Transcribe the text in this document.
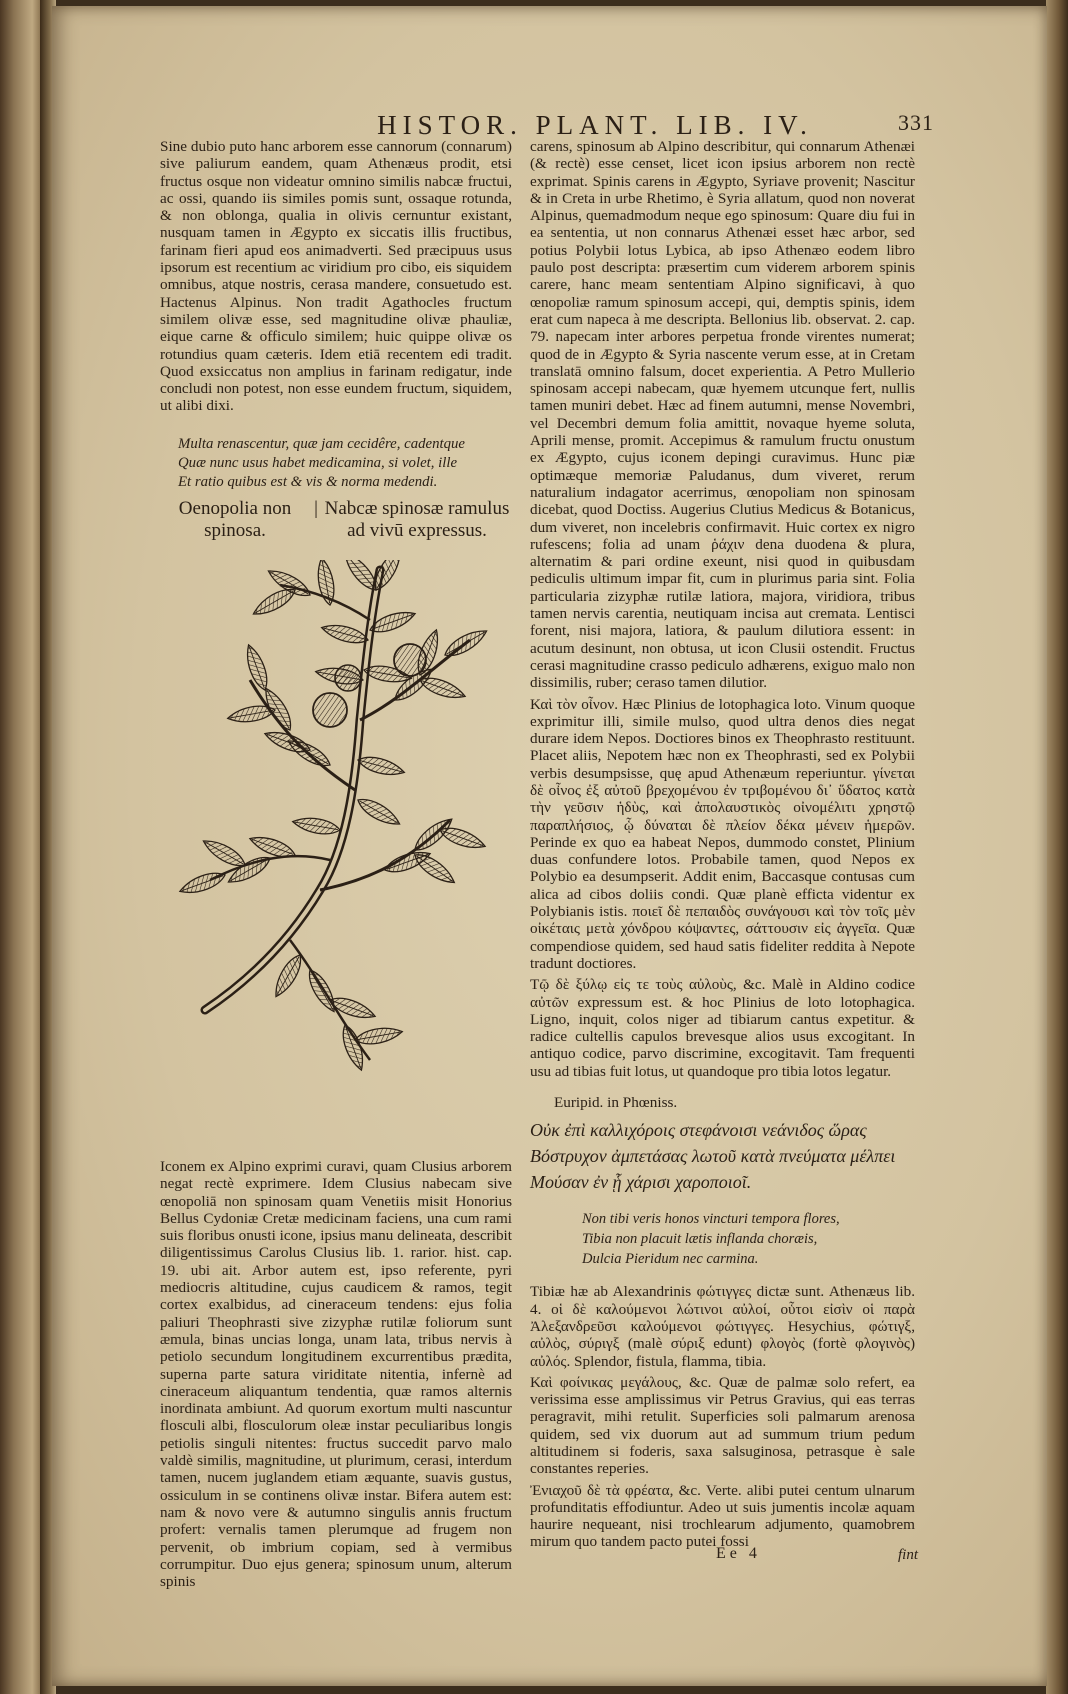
HISTOR. PLANT. LIB. IV.	331

Sine dubio puto hanc arborem esse cannorum (connarum) sive paliurum eandem, quam Athenæus prodit, etsi fructus osque non videatur omnino similis nabcæ fructui, ac ossi, quando iis similes pomis sunt, ossaque rotunda, & non oblonga, qualia in olivis cernuntur existant, nusquam tamen in Ægypto ex siccatis illis fructibus, farinam fieri apud eos animadverti. Sed præcipuus usus ipsorum est recentium ac viridium pro cibo, eis siquidem omnibus, atque nostris, cerasa mandere, consuetudo est. Hactenus Alpinus. Non tradit Agathocles fructum similem olivæ esse, sed magnitudine olivæ phauliæ, eique carne & officulo similem; huic quippe olivæ os rotundius quam cæteris. Idem etiā recentem edi tradit. Quod exsiccatus non amplius in farinam redigatur, inde concludi non potest, non esse eundem fructum, siquidem, ut alibi dixi.

Multa renascentur, quæ jam cecidêre, cadentque
Quæ nunc usus habet medicamina, si volet, ille
Et ratio quibus est & vis & norma medendi.
Oenopolia non spinosa.
| Nabcæ spinosæ ramulus ad vivū expressus.

Iconem ex Alpino exprimi curavi, quam Clusius arborem negat rectè exprimere. Idem Clusius nabecam sive œnopoliā non spinosam quam Venetiis misit Honorius Bellus Cydoniæ Cretæ medicinam faciens, una cum rami suis floribus onusti icone, ipsius manu delineata, describit diligentissimus Carolus Clusius lib. 1. rarior. hist. cap. 19. ubi ait. Arbor autem est, ipso referente, pyri mediocris altitudine, cujus caudicem & ramos, tegit cortex exalbidus, ad cineraceum tendens: ejus folia paliuri Theophrasti sive zizyphæ rutilæ foliorum sunt æmula, binas uncias longa, unam lata, tribus nervis à petiolo secundum longitudinem excurrentibus prædita, superna parte satura viriditate nitentia, infernè ad cineraceum aliquantum tendentia, quæ ramos alternis inordinata ambiunt. Ad quorum exortum multi nascuntur flosculi albi, flosculorum oleæ instar peculiaribus longis petiolis singuli nitentes: fructus succedit parvo malo valdè similis, magnitudine, ut plurimum, cerasi, interdum tamen, nucem juglandem etiam æquante, suavis gustus, ossiculum in se continens olivæ instar. Bifera autem est: nam & novo vere & autumno singulis annis fructum profert: vernalis tamen plerumque ad frugem non pervenit, ob imbrium copiam, sed à vermibus corrumpitur. Duo ejus genera; spinosum unum, alterum spinis

carens, spinosum ab Alpino describitur, qui connarum Athenæi (& rectè) esse censet, licet icon ipsius arborem non rectè exprimat. Spinis carens in Ægypto, Syriave provenit; Nascitur & in Creta in urbe Rhetimo, è Syria allatum, quod non noverat Alpinus, quemadmodum neque ego spinosum: Quare diu fui in ea sententia, ut non connarus Athenæi esset hæc arbor, sed potius Polybii lotus Lybica, ab ipso Athenæo eodem libro paulo post descripta: præsertim cum viderem arborem spinis carere, hanc meam sententiam Alpino significavi, à quo œnopoliæ ramum spinosum accepi, qui, demptis spinis, idem erat cum napeca à me descripta. Bellonius lib. observat. 2. cap. 79. napecam inter arbores perpetua fronde virentes numerat; quod de in Ægypto & Syria nascente verum esse, at in Cretam translatā omnino falsum, docet experientia. A Petro Mullerio spinosam accepi nabecam, quæ hyemem utcunque fert, nullis tamen muniri debet. Hæc ad finem autumni, mense Novembri, vel Decembri demum folia amittit, novaque hyeme soluta, Aprili mense, promit. Accepimus & ramulum fructu onustum ex Ægypto, cujus iconem depingi curavimus. Hunc piæ optimæque memoriæ Paludanus, dum viveret, rerum naturalium indagator acerrimus, œnopoliam non spinosam dicebat, quod Doctiss. Augerius Clutius Medicus & Botanicus, dum viveret, non incelebris confirmavit. Huic cortex ex nigro rufescens; folia ad unam ῥάχιν dena duodena & plura, alternatim & pari ordine exeunt, nisi quod in quibusdam pediculis ultimum impar fit, cum in plurimus paria sint. Folia particularia zizyphæ rutilæ latiora, majora, viridiora, tribus tamen nervis carentia, neutiquam incisa aut cremata. Lentisci forent, nisi majora, latiora, & paulum dilutiora essent: in acutum desinunt, non obtusa, ut icon Clusii ostendit. Fructus cerasi magnitudine crasso pediculo adhærens, exiguo malo non dissimilis, ruber; ceraso tamen dilutior.

Καὶ τὸν οἶνον. Hæc Plinius de lotophagica loto. Vinum quoque exprimitur illi, simile mulso, quod ultra denos dies negat durare idem Nepos. Doctiores binos ex Theophrasto restituunt. Placet aliis, Nepotem hæc non ex Theophrasti, sed ex Polybii verbis desumpsisse, quę apud Athenæum reperiuntur. γίνεται δὲ οἶνος ἐξ αὐτοῦ βρεχομένου ἐν τριβομένου δι᾽ ὕδατος κατὰ τὴν γεῦσιν ἡδὺς, καὶ ἀπολαυστικὸς οἰνομέλιτι χρηστῷ παραπλήσιος, ᾧ δύναται δὲ πλείον δέκα μένειν ἡμερῶν. Perinde ex quo ea habeat Nepos, dummodo constet, Plinium duas confundere lotos. Probabile tamen, quod Nepos ex Polybio ea desumpserit. Addit enim, Baccasque contusas cum alica ad cibos doliis condi. Quæ planè efficta videntur ex Polybianis istis. ποιεῖ δὲ πεπαιδὸς συνάγουσι καὶ τὸν τοῖς μὲν οἰκέταις μετὰ χόνδρου κόψαντες, σάττουσιν εἰς ἀγγεῖα. Quæ compendiose quidem, sed haud satis fideliter reddita à Nepote tradunt doctiores.

Τῷ δὲ ξύλῳ εἰς τε τοὺς αὐλοὺς, &c. Malè in Aldino codice αὐτῶν expressum est. & hoc Plinius de loto lotophagica. Ligno, inquit, colos niger ad tibiarum cantus expetitur. & radice cultellis capulos brevesque alios usus excogitant. In antiquo codice, parvo discrimine, excogitavit. Tam frequenti usu ad tibias fuit lotus, ut quandoque pro tibia lotos legatur.

Euripid. in Phœniss.

Οὐκ ἐπὶ καλλιχόροις στεφάνοισι νεάνιδος ὥρας
Βόστρυχον ἀμπετάσας λωτοῦ κατὰ πνεύματα μέλπει
Μούσαν ἐν ᾗ χάρισι χαροποιοῖ.
Non tibi veris honos vincturi tempora flores,
Tibia non placuit lætis inflanda choræis,
Dulcia Pieridum nec carmina.

Tibiæ hæ ab Alexandrinis φώτιγγες dictæ sunt. Athenæus lib. 4. οἱ δὲ καλούμενοι λώτινοι αὐλοί, οὗτοι εἰσὶν οἱ παρὰ Ἀλεξανδρεῦσι καλούμενοι φώτιγγες. Hesychius, φώτιγξ, αὐλὸς, σύριγξ (malè σύριξ edunt) φλογὸς (fortè φλογινὸς) αὐλός. Splendor, fistula, flamma, tibia.

Καὶ φοίνικας μεγάλους, &c. Quæ de palmæ solo refert, ea verissima esse amplissimus vir Petrus Gravius, qui eas terras peragravit, mihi retulit. Superficies soli palmarum arenosa quidem, sed vix duorum aut ad summum trium pedum altitudinem si foderis, saxa salsuginosa, petrasque è sale constantes reperies.

Ἐνιαχοῦ δὲ τὰ φρέατα, &c. Verte. alibi putei centum ulnarum profunditatis effodiuntur. Adeo ut suis jumentis incolæ aquam haurire nequeant, nisi trochlearum adjumento, quamobrem mirum quo tandem pacto putei fossi

Ee 4	fint
